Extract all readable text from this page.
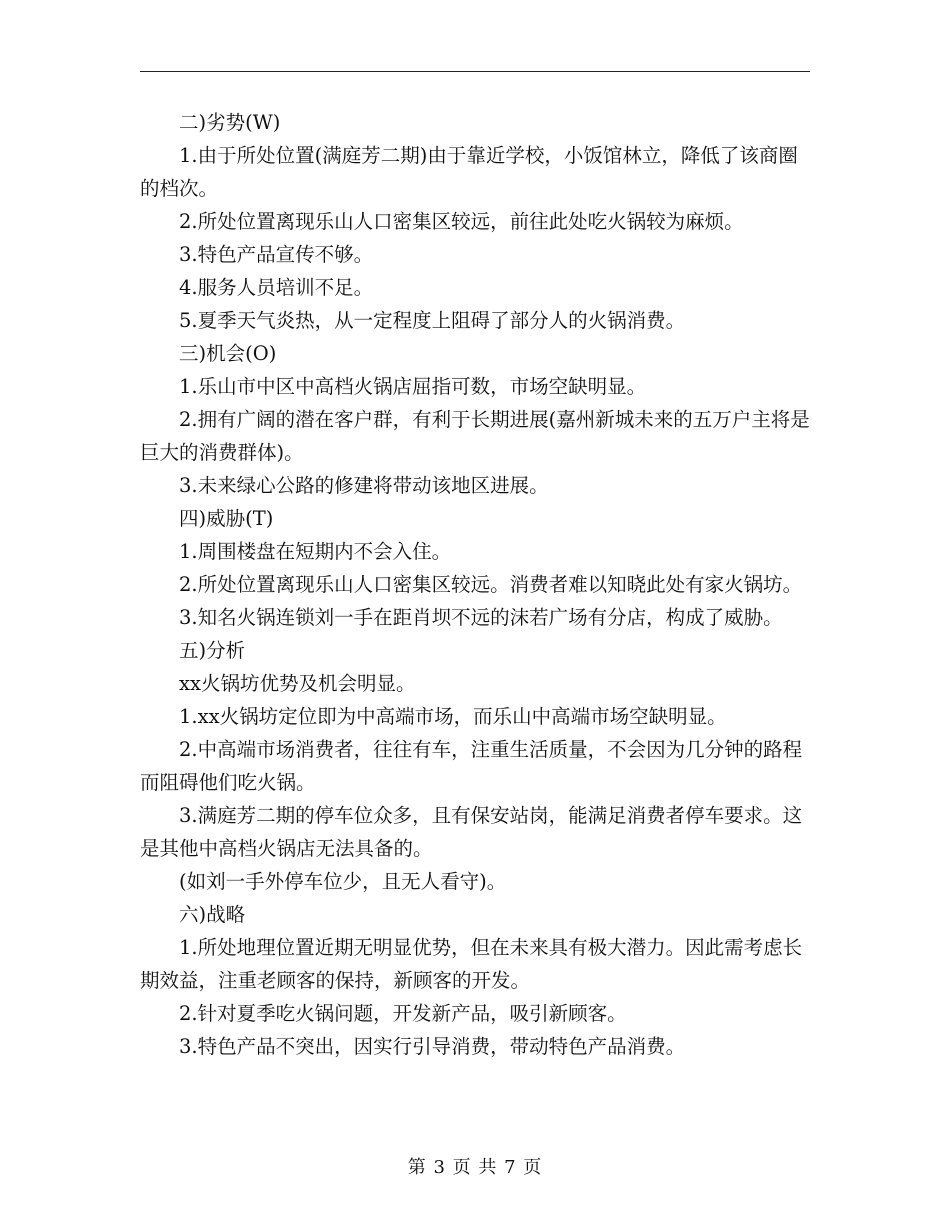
二)劣势(W)

1.由于所处位置(满庭芳二期)由于靠近学校，小饭馆林立，降低了该商圈的档次。

2.所处位置离现乐山人口密集区较远，前往此处吃火锅较为麻烦。

3.特色产品宣传不够。

4.服务人员培训不足。

5.夏季天气炎热，从一定程度上阻碍了部分人的火锅消费。

三)机会(O)

1.乐山市中区中高档火锅店屈指可数，市场空缺明显。

2.拥有广阔的潜在客户群，有利于长期进展(嘉州新城未来的五万户主将是巨大的消费群体)。

3.未来绿心公路的修建将带动该地区进展。

四)威胁(T)

1.周围楼盘在短期内不会入住。

2.所处位置离现乐山人口密集区较远。消费者难以知晓此处有家火锅坊。

3.知名火锅连锁刘一手在距肖坝不远的沫若广场有分店，构成了威胁。

五)分析

xx火锅坊优势及机会明显。

1.xx火锅坊定位即为中高端市场，而乐山中高端市场空缺明显。

2.中高端市场消费者，往往有车，注重生活质量，不会因为几分钟的路程而阻碍他们吃火锅。

3.满庭芳二期的停车位众多，且有保安站岗，能满足消费者停车要求。这是其他中高档火锅店无法具备的。

(如刘一手外停车位少，且无人看守)。

六)战略

1.所处地理位置近期无明显优势，但在未来具有极大潜力。因此需考虑长期效益，注重老顾客的保持，新顾客的开发。

2.针对夏季吃火锅问题，开发新产品，吸引新顾客。

3.特色产品不突出，因实行引导消费，带动特色产品消费。

第 3 页 共 7 页
